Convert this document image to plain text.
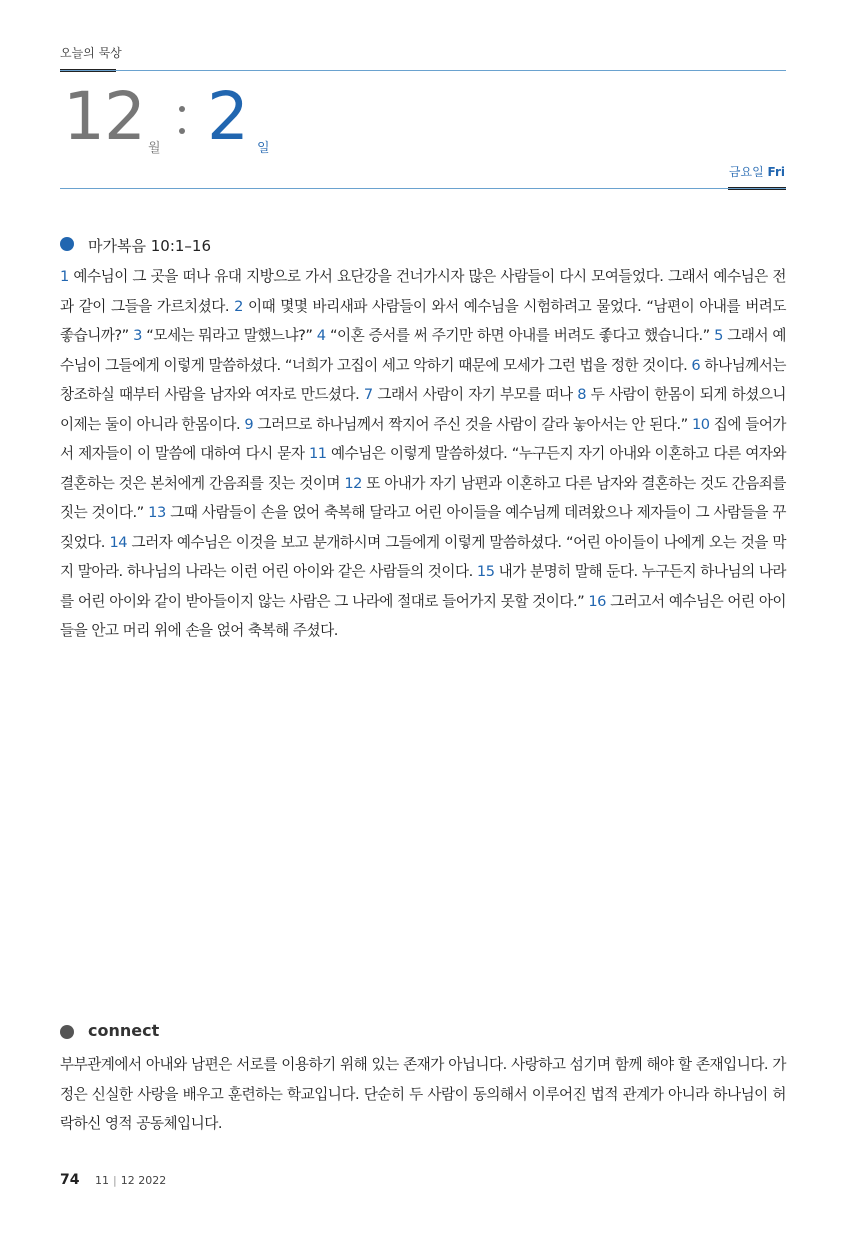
오늘의 묵상
12 월 2 일
금요일 Fri
마가복음 10:1–16

1 예수님이 그 곳을 떠나 유대 지방으로 가서 요단강을 건너가시자 많은 사람들이 다시 모여들었다. 그래서 예수님은 전과 같이 그들을 가르치셨다. 2 이때 몇몇 바리새파 사람들이 와서 예수님을 시험하려고 물었다. “남편이 아내를 버려도 좋습니까?” 3 “모세는 뭐라고 말했느냐?” 4 “이혼 증서를 써 주기만 하면 아내를 버려도 좋다고 했습니다.” 5 그래서 예수님이 그들에게 이렇게 말씀하셨다. “너희가 고집이 세고 악하기 때문에 모세가 그런 법을 정한 것이다. 6 하나님께서는 창조하실 때부터 사람을 남자와 여자로 만드셨다. 7 그래서 사람이 자기 부모를 떠나 8 두 사람이 한몸이 되게 하셨으니 이제는 둘이 아니라 한몸이다. 9 그러므로 하나님께서 짝지어 주신 것을 사람이 갈라 놓아서는 안 된다.” 10 집에 들어가서 제자들이 이 말씀에 대하여 다시 묻자 11 예수님은 이렇게 말씀하셨다. “누구든지 자기 아내와 이혼하고 다른 여자와 결혼하는 것은 본처에게 간음죄를 짓는 것이며 12 또 아내가 자기 남편과 이혼하고 다른 남자와 결혼하는 것도 간음죄를 짓는 것이다.” 13 그때 사람들이 손을 얹어 축복해 달라고 어린 아이들을 예수님께 데려왔으나 제자들이 그 사람들을 꾸짖었다. 14 그러자 예수님은 이것을 보고 분개하시며 그들에게 이렇게 말씀하셨다. “어린 아이들이 나에게 오는 것을 막지 말아라. 하나님의 나라는 이런 어린 아이와 같은 사람들의 것이다. 15 내가 분명히 말해 둔다. 누구든지 하나님의 나라를 어린 아이와 같이 받아들이지 않는 사람은 그 나라에 절대로 들어가지 못할 것이다.” 16 그러고서 예수님은 어린 아이들을 안고 머리 위에 손을 얹어 축복해 주셨다.

connect

부부관계에서 아내와 남편은 서로를 이용하기 위해 있는 존재가 아닙니다. 사랑하고 섬기며 함께 해야 할 존재입니다. 가정은 신실한 사랑을 배우고 훈련하는 학교입니다. 단순히 두 사람이 동의해서 이루어진 법적 관계가 아니라 하나님이 허락하신 영적 공동체입니다.

74 11 | 12 2022
